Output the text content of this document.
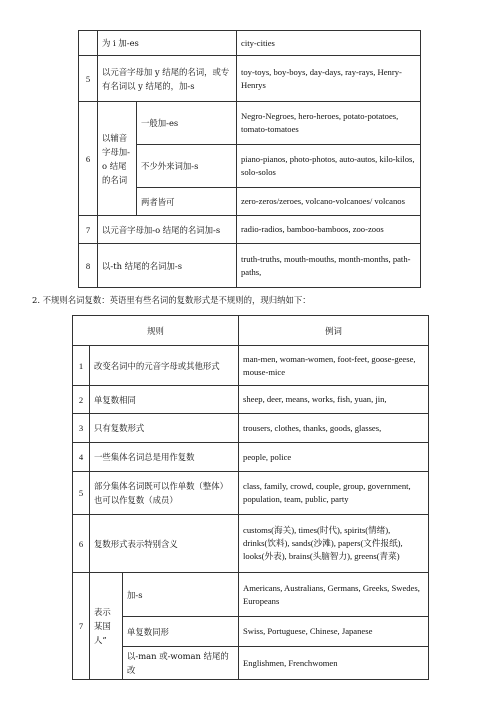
	为 i 加-es		city-cities
5	以元音字母加 y 结尾的名词，或专有名词以 y 结尾的，加-s		toy-toys, boy-boys, day-days, ray-rays, Henry-Henrys
6	以辅音字母加-o 结尾的名词	一般加-es	Negro-Negroes, hero-heroes, potato-potatoes, tomato-tomatoes
		不少外来词加-s	piano-pianos, photo-photos, auto-autos, kilo-kilos, solo-solos
		两者皆可	zero-zeros/zeroes, volcano-volcanoes/ volcanos
7	以元音字母加-o 结尾的名词加-s		radio-radios, bamboo-bamboos, zoo-zoos
8	以-th 结尾的名词加-s		truth-truths, mouth-mouths, month-months, path-paths,
2. 不规则名词复数：英语里有些名词的复数形式是不规则的，现归纳如下：
规则			例词
1	改变名词中的元音字母或其他形式		man-men, woman-women, foot-feet, goose-geese, mouse-mice
2	单复数相同		sheep, deer, means, works, fish, yuan, jin,
3	只有复数形式		trousers, clothes, thanks, goods, glasses,
4	一些集体名词总是用作复数		people, police
5	部分集体名词既可以作单数（整体）也可以作复数（成员）		class, family, crowd, couple, group, government, population, team, public, party
6	复数形式表示特别含义		customs(海关), times(时代), spirits(情绪), drinks(饮料), sands(沙滩), papers(文件报纸), looks(外表), brains(头脑智力), greens(青菜)
7	表示某国人”	加-s	Americans, Australians, Germans, Greeks, Swedes, Europeans
		单复数同形	Swiss, Portuguese, Chinese, Japanese
		以-man 或-woman 结尾的改	Englishmen, Frenchwomen
